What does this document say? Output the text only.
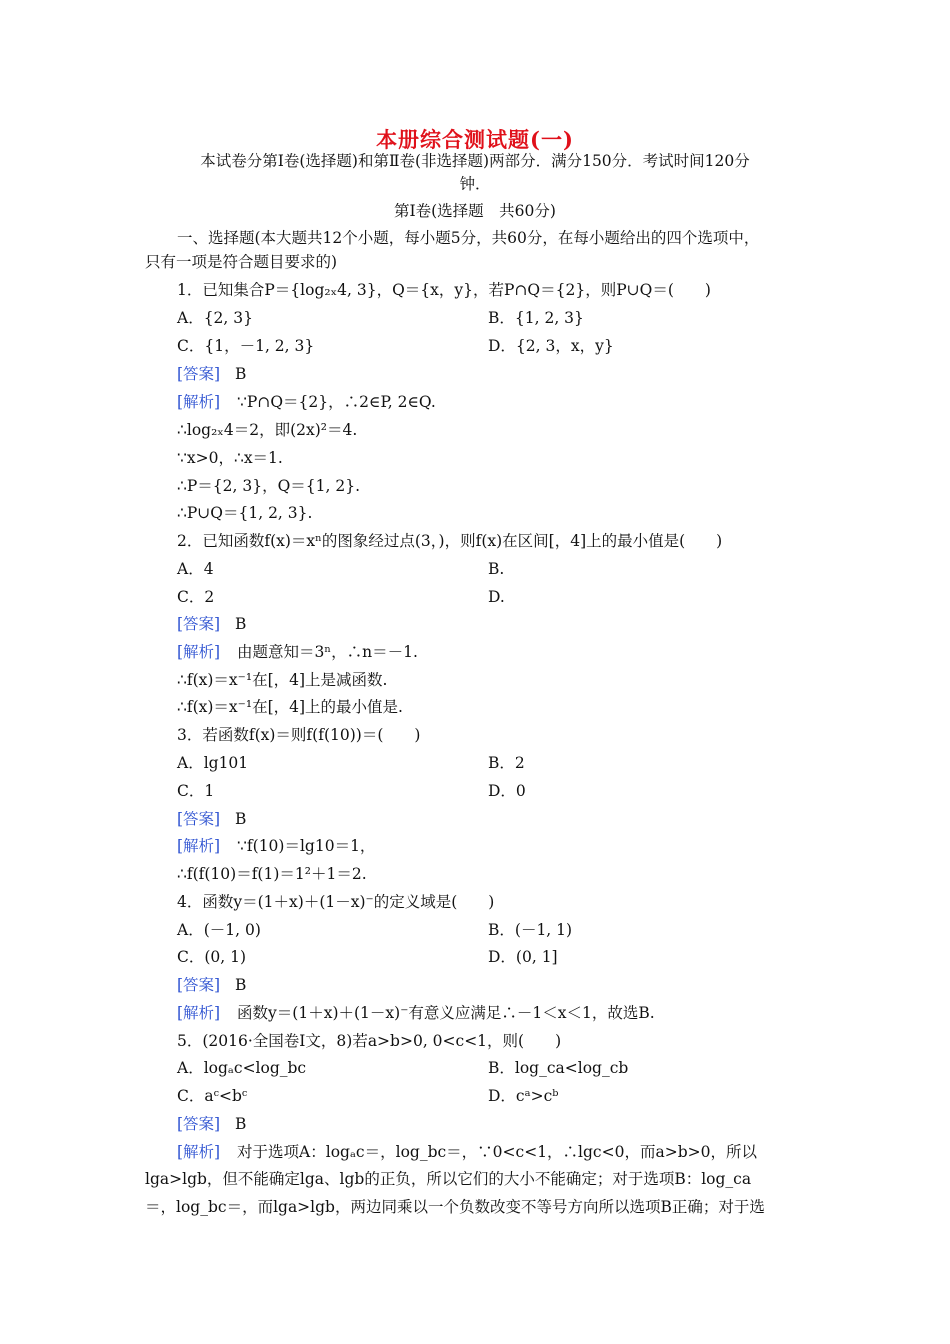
本册综合测试题(一)
本试卷分第Ⅰ卷(选择题)和第Ⅱ卷(非选择题)两部分．满分150分．考试时间120分
钟．
第Ⅰ卷(选择题　共60分)
一、选择题(本大题共12个小题，每小题5分，共60分，在每小题给出的四个选项中，
只有一项是符合题目要求的)
1．已知集合P＝{log₂ₓ4, 3}，Q＝{x，y}，若P∩Q＝{2}，则P∪Q＝(　　)
A．{2, 3}	B．{1, 2, 3}
C．{1，－1, 2, 3}	D．{2, 3，x，y}
[答案] B
[解析] ∵P∩Q＝{2}，∴2∈P, 2∈Q.
∴log₂ₓ4＝2，即(2x)²＝4.
∵x>0，∴x＝1.
∴P＝{2, 3}，Q＝{1, 2}.
∴P∪Q＝{1, 2, 3}.
2．已知函数f(x)＝xⁿ的图象经过点(3，)，则f(x)在区间[，4]上的最小值是(　　)
A．4	B.
C．2	D.
[答案] B
[解析] 由题意知＝3ⁿ，∴n＝－1.
∴f(x)＝x⁻¹在[，4]上是减函数.
∴f(x)＝x⁻¹在[，4]上的最小值是.
3．若函数f(x)＝则f(f(10))＝(　　)
A．lg101	B．2
C．1	D．0
[答案] B
[解析] ∵f(10)＝lg10＝1，
∴f(f(10)＝f(1)＝1²＋1＝2.
4．函数y＝(1＋x)＋(1－x)⁻的定义域是(　　)
A．(－1, 0)	B．(－1, 1)
C．(0, 1)	D．(0, 1]
[答案] B
[解析] 函数y＝(1＋x)＋(1－x)⁻有意义应满足∴－1＜x＜1，故选B.
5．(2016·全国卷Ⅰ文，8)若a>b>0, 0<c<1，则(　　)
A．logₐc<log_bc	B．log_ca<log_cb
C．aᶜ<bᶜ	D．cᵃ>cᵇ
[答案] B
[解析] 对于选项A：logₐc＝，log_bc＝，∵0<c<1，∴lgc<0，而a>b>0，所以
lga>lgb，但不能确定lga、lgb的正负，所以它们的大小不能确定；对于选项B：log_ca
＝，log_bc＝，而lga>lgb，两边同乘以一个负数改变不等号方向所以选项B正确；对于选
